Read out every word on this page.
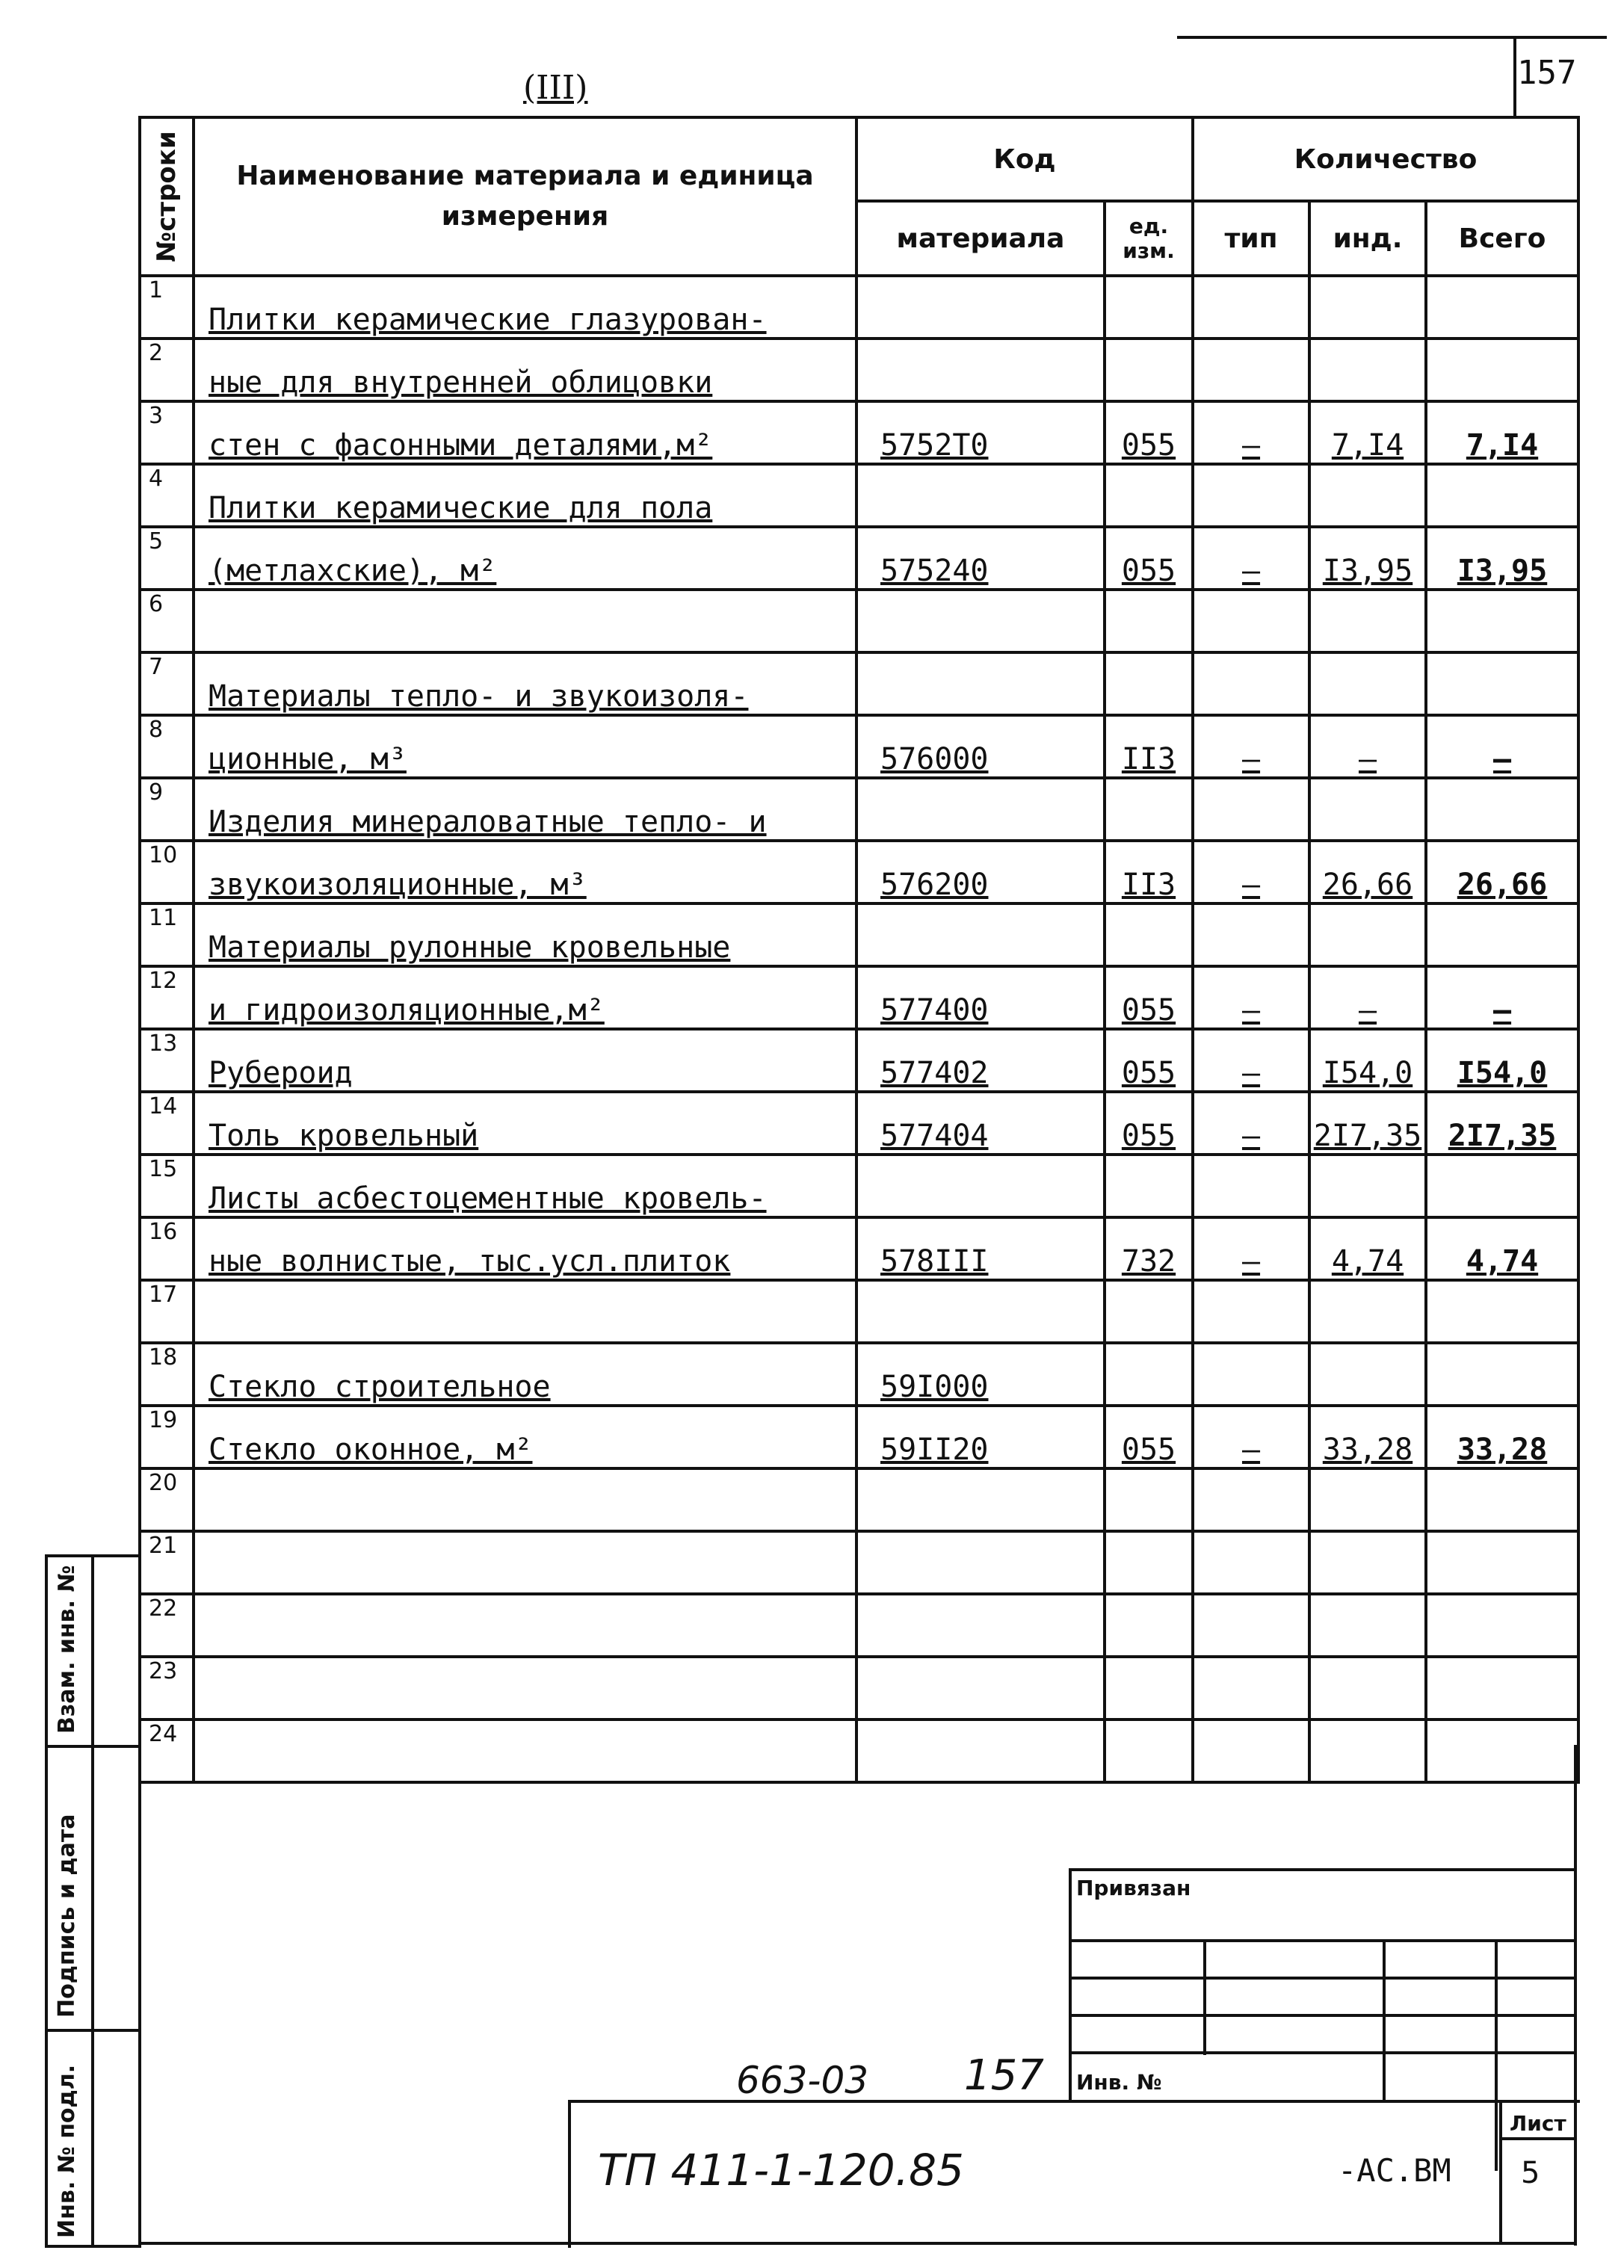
157
(III)
№строки	Наименование материала и единица измерения	Код		Количество		
		материала	ед. изм.	тип	инд.	Всего
1	Плитки керамические глазурован-					
2	ные для внутренней облицовки					
3	стен с фасонными деталями,м²	5752Т0	055	–	7,I4	7,I4
4	Плитки керамические для пола					
5	(метлахские), м²	575240	055	–	I3,95	I3,95
6						
7	Материалы тепло- и звукоизоля-					
8	ционные, м³	576000	II3	–	–	–
9	Изделия минераловатные тепло- и					
10	звукоизоляционные, м³	576200	II3	–	26,66	26,66
11	Материалы рулонные кровельные					
12	и гидроизоляционные,м²	577400	055	–	–	–
13	Рубероид	577402	055	–	I54,0	I54,0
14	Толь кровельный	577404	055	–	2I7,35	2I7,35
15	Листы асбестоцементные кровель-					
16	ные волнистые, тыс.усл.плиток	578III	732	–	4,74	4,74
17						
18	Стекло строительное	59I000				
19	Стекло оконное, м²	59II20	055	–	33,28	33,28
20						
21						
22						
23						
24						
Взам. инв. №
Подпись и дата
Инв. № подл.
Привязан
Инв. №
Лист
5
663-03 157
ТП 411-1-120.85	-АС.ВМ
